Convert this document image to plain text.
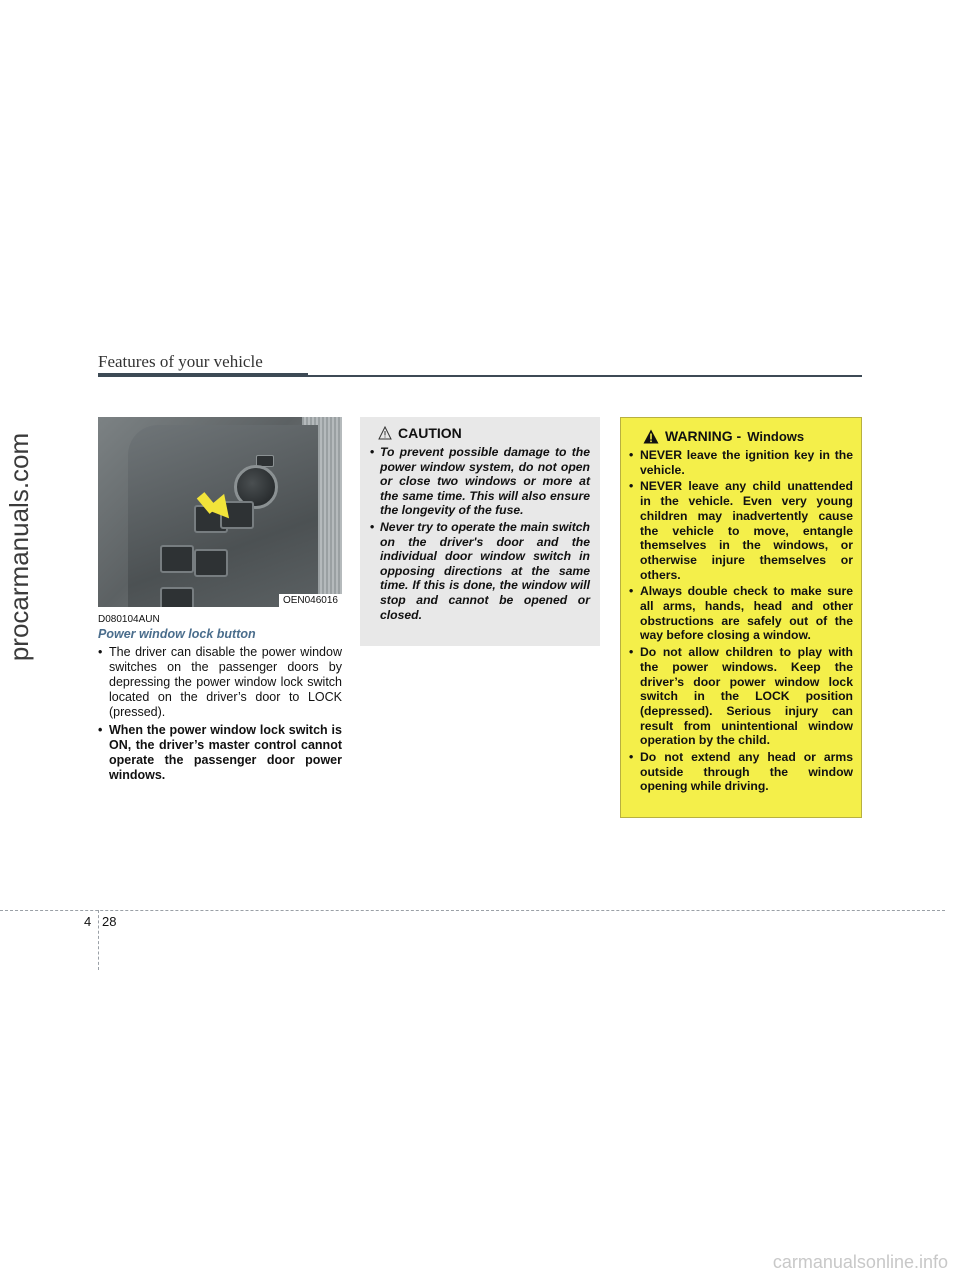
procarmanuals.com
Features of your vehicle
OEN046016
D080104AUN
Power window lock button
• The driver can disable the power window switches on the passenger doors by depressing the power window lock switch located on the driver’s door to LOCK (pressed).
• When the power window lock switch is ON, the driver’s master control cannot operate the passenger door power windows.
CAUTION
• To prevent possible damage to the power window system, do not open or close two windows or more at the same time. This will also ensure the longevity of the fuse.
• Never try to operate the main switch on the driver's door and the individual door window switch in opposing directions at the same time. If this is done, the window will stop and cannot be opened or closed.
WARNING - Windows
• NEVER leave the ignition key in the vehicle.
• NEVER leave any child unattended in the vehicle. Even very young children may inadvertently cause the vehicle to move, entangle themselves in the windows, or otherwise injure themselves or others.
• Always double check to make sure all arms, hands, head and other obstructions are safely out of the way before closing a window.
• Do not allow children to play with the power windows. Keep the driver’s door power window lock switch in the LOCK position (depressed). Serious injury can result from unintentional window operation by the child.
• Do not extend any head or arms outside through the window opening while driving.
4 28
carmanualsonline.info
